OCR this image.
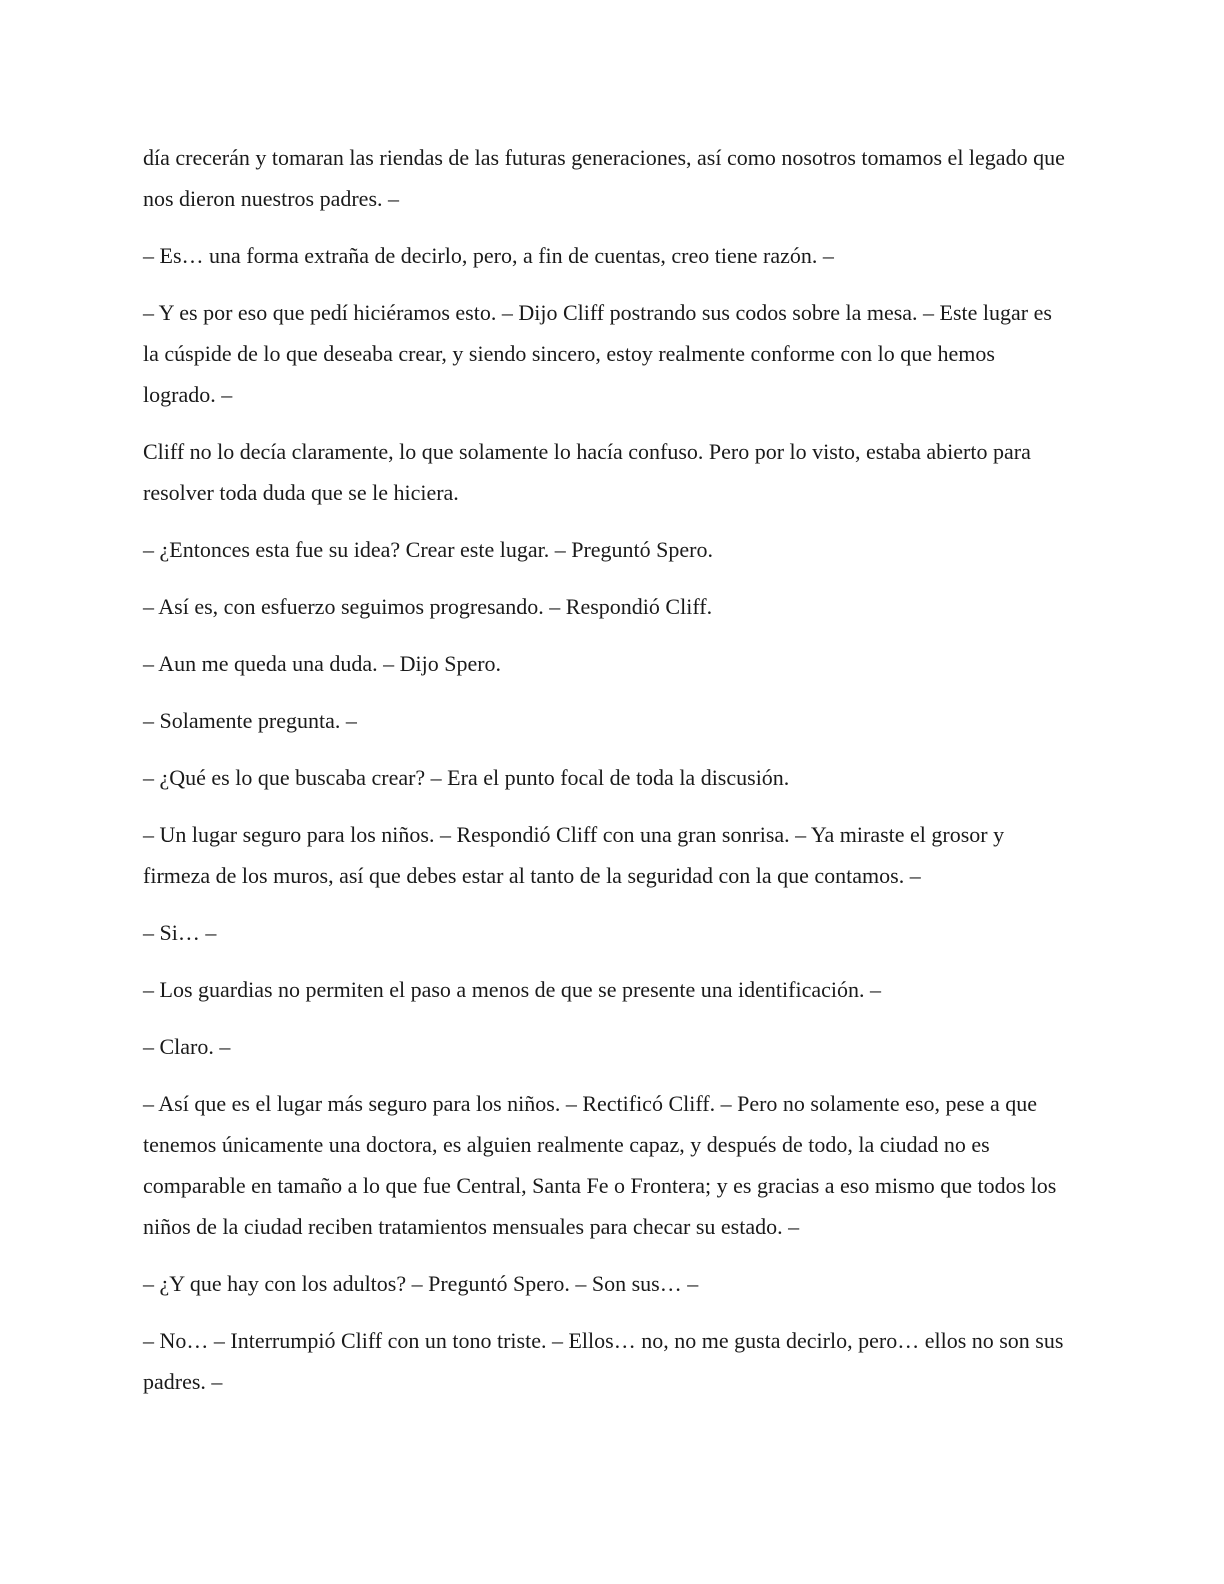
día crecerán y tomaran las riendas de las futuras generaciones, así como nosotros tomamos el legado que nos dieron nuestros padres. –

– Es… una forma extraña de decirlo, pero, a fin de cuentas, creo tiene razón. –

– Y es por eso que pedí hiciéramos esto. – Dijo Cliff postrando sus codos sobre la mesa. – Este lugar es la cúspide de lo que deseaba crear, y siendo sincero, estoy realmente conforme con lo que hemos logrado. –

Cliff no lo decía claramente, lo que solamente lo hacía confuso. Pero por lo visto, estaba abierto para resolver toda duda que se le hiciera.

– ¿Entonces esta fue su idea? Crear este lugar. – Preguntó Spero.

– Así es, con esfuerzo seguimos progresando. – Respondió Cliff.

– Aun me queda una duda. – Dijo Spero.

– Solamente pregunta. –

– ¿Qué es lo que buscaba crear? – Era el punto focal de toda la discusión.

– Un lugar seguro para los niños. – Respondió Cliff con una gran sonrisa. – Ya miraste el grosor y firmeza de los muros, así que debes estar al tanto de la seguridad con la que contamos. –

– Si… –

– Los guardias no permiten el paso a menos de que se presente una identificación. –

– Claro. –

– Así que es el lugar más seguro para los niños. – Rectificó Cliff. – Pero no solamente eso, pese a que tenemos únicamente una doctora, es alguien realmente capaz, y después de todo, la ciudad no es comparable en tamaño a lo que fue Central, Santa Fe o Frontera; y es gracias a eso mismo que todos los niños de la ciudad reciben tratamientos mensuales para checar su estado. –

– ¿Y que hay con los adultos? – Preguntó Spero. – Son sus… –

– No… – Interrumpió Cliff con un tono triste. – Ellos… no, no me gusta decirlo, pero… ellos no son sus padres. –
